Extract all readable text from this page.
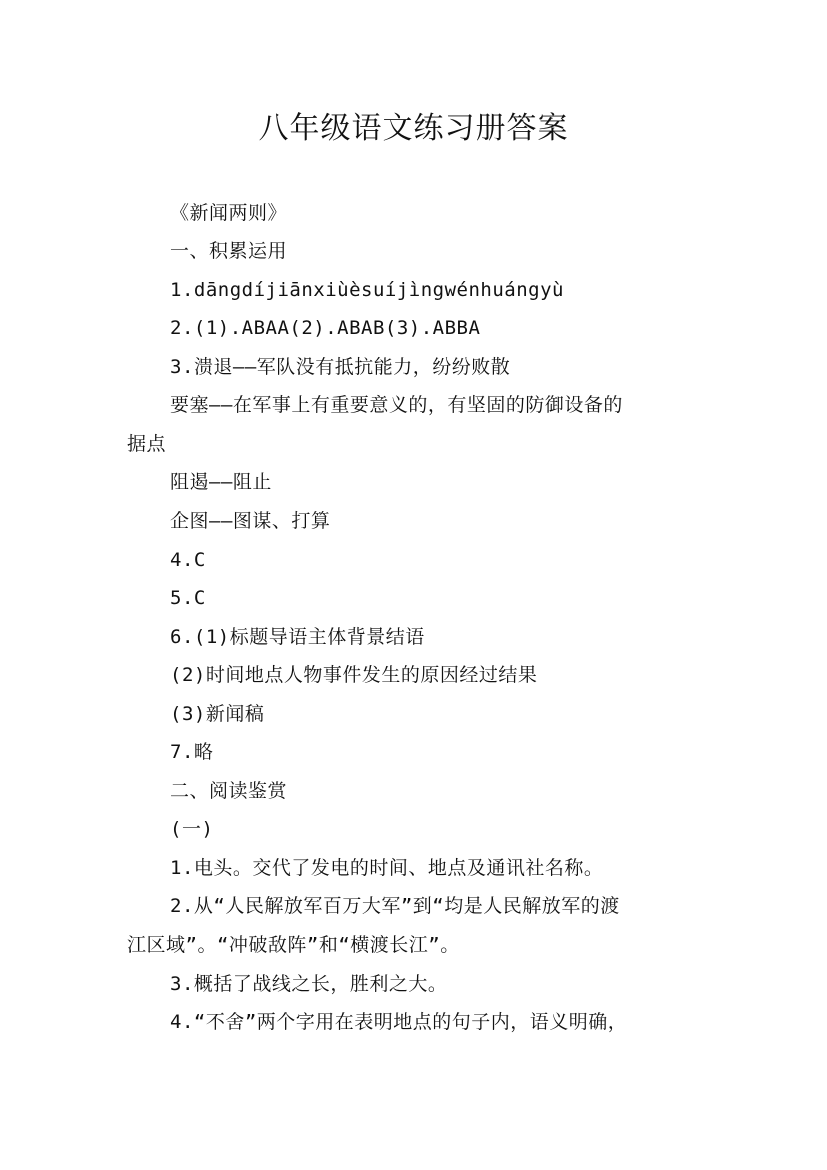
八年级语文练习册答案
《新闻两则》
一、积累运用
1.dāngdíjiānxiùèsuíjìngwénhuángyù
2.(1).ABAA(2).ABAB(3).ABBA
3.溃退——军队没有抵抗能力，纷纷败散
要塞——在军事上有重要意义的，有坚固的防御设备的
据点
阻遏——阻止
企图——图谋、打算
4.C
5.C
6.(1)标题导语主体背景结语
(2)时间地点人物事件发生的原因经过结果
(3)新闻稿
7.略
二、阅读鉴赏
(一)
1.电头。交代了发电的时间、地点及通讯社名称。
2.从“人民解放军百万大军”到“均是人民解放军的渡
江区域”。“冲破敌阵”和“横渡长江”。
3.概括了战线之长，胜利之大。
4.“不舍”两个字用在表明地点的句子内，语义明确，
